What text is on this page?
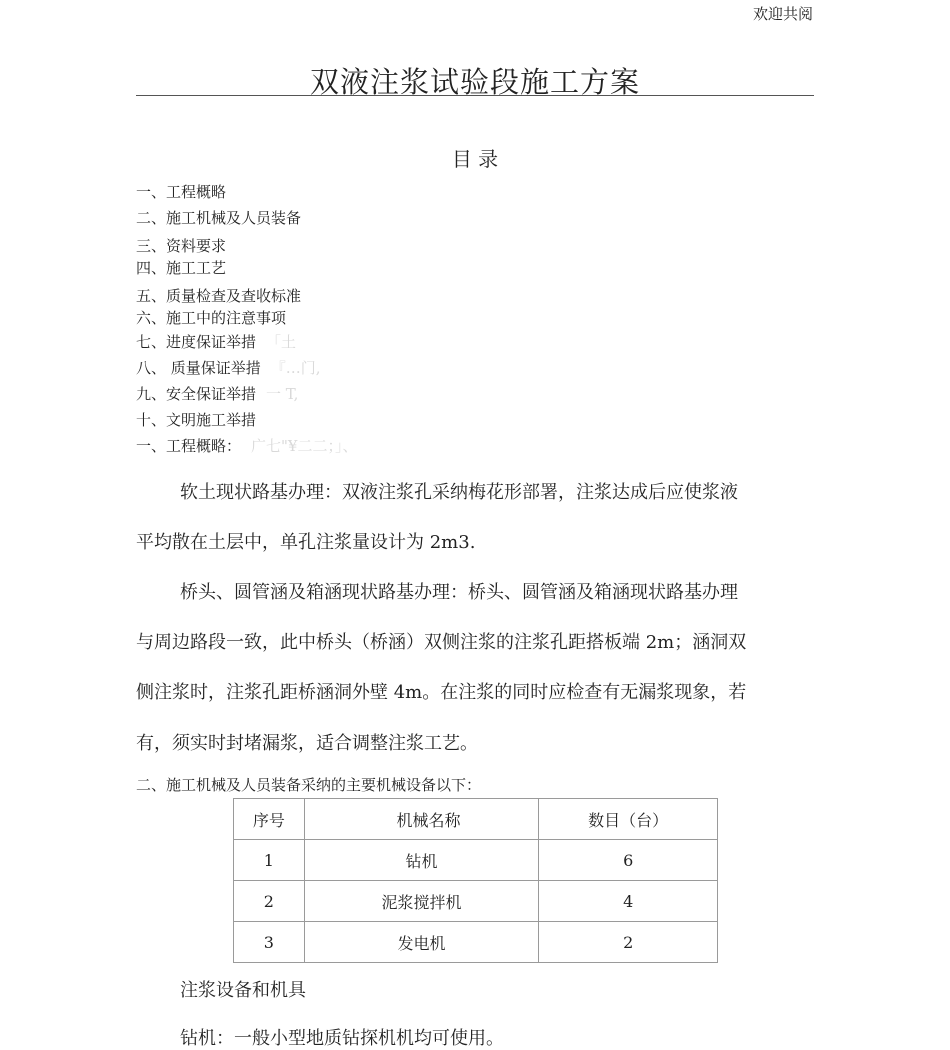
欢迎共阅
双液注浆试验段施工方案
目 录
一、工程概略
二、施工机械及人员装备
三、资料要求
四、施工工艺
五、质量检查及查收标准
六、施工中的注意事项
七、进度保证举措 「土
八、 质量保证举措 『…门,
九、安全保证举措 一 T,
十、文明施工举措
一、工程概略： 广七"¥二二；」、
软土现状路基办理：双液注浆孔采纳梅花形部署，注浆达成后应使浆液
平均散在土层中，单孔注浆量设计为 2m3.
桥头、圆管涵及箱涵现状路基办理：桥头、圆管涵及箱涵现状路基办理
与周边路段一致，此中桥头（桥涵）双侧注浆的注浆孔距搭板端 2m；涵洞双
侧注浆时，注浆孔距桥涵洞外壁 4m。在注浆的同时应检查有无漏浆现象，若
有，须实时封堵漏浆，适合调整注浆工艺。
二、施工机械及人员装备采纳的主要机械设备以下：
序号	机械名称	数目（台）
1	钻机	6
2	泥浆搅拌机	4
3	发电机	2
注浆设备和机具
钻机：一般小型地质钻探机机均可使用。
